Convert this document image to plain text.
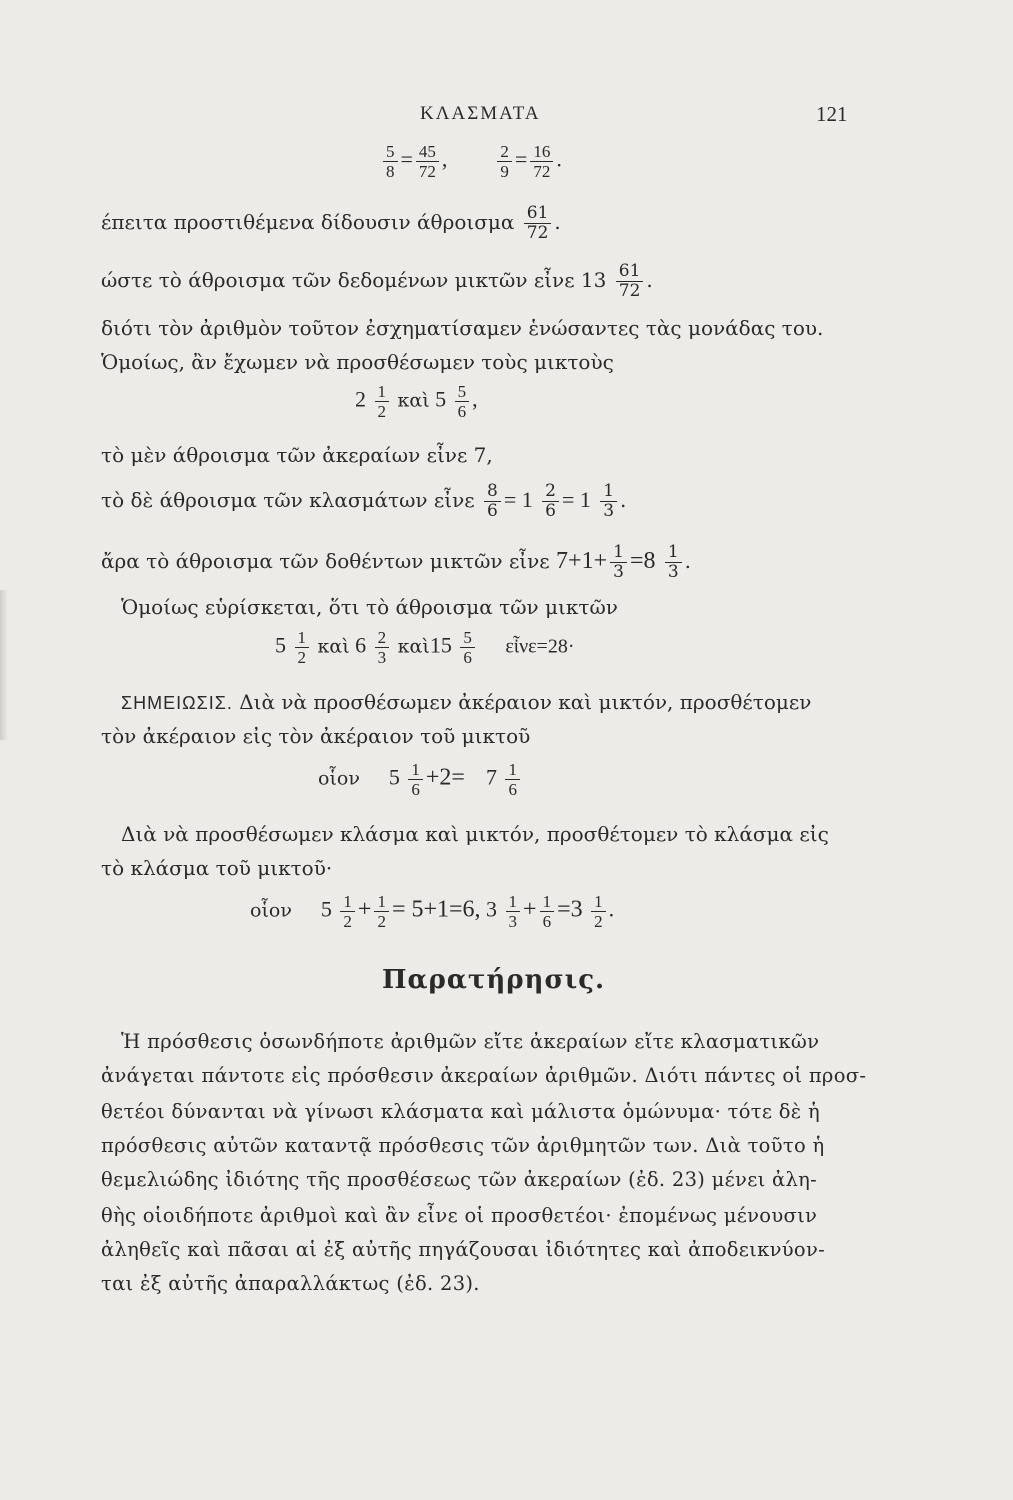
ΚΛΑΣΜΑΤΑ	121
$\frac{5}{8} = \frac{45}{72}$ ,	$\frac{2}{9} = \frac{16}{72}$ .
έπειτα προστιθέμενα δίδουσιν άθροισμα $\frac{61}{72}$ .
ώστε τὸ άθροισμα τῶν δεδομένων μικτῶν εἶνε $13 \frac{61}{72}$ .
διότι τὸν ἀριθμὸν τοῦτον ἐσχηματίσαμεν ἑνώσαντες τὰς μονάδας του.
Ὁμοίως, ἂν ἔχωμεν νὰ προσθέσωμεν τοὺς μικτοὺς
$2 \frac{1}{2}$ καὶ $5 \frac{5}{6}$ ,
τὸ μὲν άθροισμα τῶν ἀκεραίων εἶνε 7,
τὸ δὲ άθροισμα τῶν κλασμάτων εἶνε $\frac{8}{6} = 1 \frac{2}{6} = 1 \frac{1}{3}$ .
ἄρα τὸ άθροισμα τῶν δοθέντων μικτῶν εἶνε $7+1+ \frac{1}{3} =8 \frac{1}{3}$ .
Ὁμοίως εὑρίσκεται, ὅτι τὸ άθροισμα τῶν μικτῶν
$5 \frac{1}{2}$ καὶ $6 \frac{2}{3}$ καὶ15 $\frac{5}{6}$ εἶνε=28·
ΣΗΜΕΙΩΣΙΣ. Διὰ νὰ προσθέσωμεν ἀκέραιον καὶ μικτόν, προσθέτομεν
τὸν ἀκέραιον εἰς τὸν ἀκέραιον τοῦ μικτοῦ
οἷον $5 \frac{1}{6} +2= 7 \frac{1}{6}$
Διὰ νὰ προσθέσωμεν κλάσμα καὶ μικτόν, προσθέτομεν τὸ κλάσμα εἰς
τὸ κλάσμα τοῦ μικτοῦ·
οἷον $5 \frac{1}{2} + \frac{1}{2} = 5+1=6$, $3 \frac{1}{3} + \frac{1}{6} =3 \frac{1}{2}$ .
Παρατήρησις.
Ἡ πρόσθεσις ὁσωνδήποτε ἀριθμῶν εἴτε ἀκεραίων εἴτε κλασματικῶν
ἀνάγεται πάντοτε εἰς πρόσθεσιν ἀκεραίων ἀριθμῶν. Διότι πάντες οἱ προσ-
θετέοι δύνανται νὰ γίνωσι κλάσματα καὶ μάλιστα ὁμώνυμα· τότε δὲ ἡ
πρόσθεσις αὐτῶν καταντᾷ πρόσθεσις τῶν ἀριθμητῶν των. Διὰ τοῦτο ἡ
θεμελιώδης ἰδιότης τῆς προσθέσεως τῶν ἀκεραίων (ἐδ. 23) μένει ἀλη-
θὴς οἱοιδήποτε ἀριθμοὶ καὶ ἂν εἶνε οἱ προσθετέοι· ἐπομένως μένουσιν
ἀληθεῖς καὶ πᾶσαι αἱ ἐξ αὐτῆς πηγάζουσαι ἰδιότητες καὶ ἀποδεικνύον-
ται ἐξ αὐτῆς ἀπαραλλάκτως (ἐδ. 23).
